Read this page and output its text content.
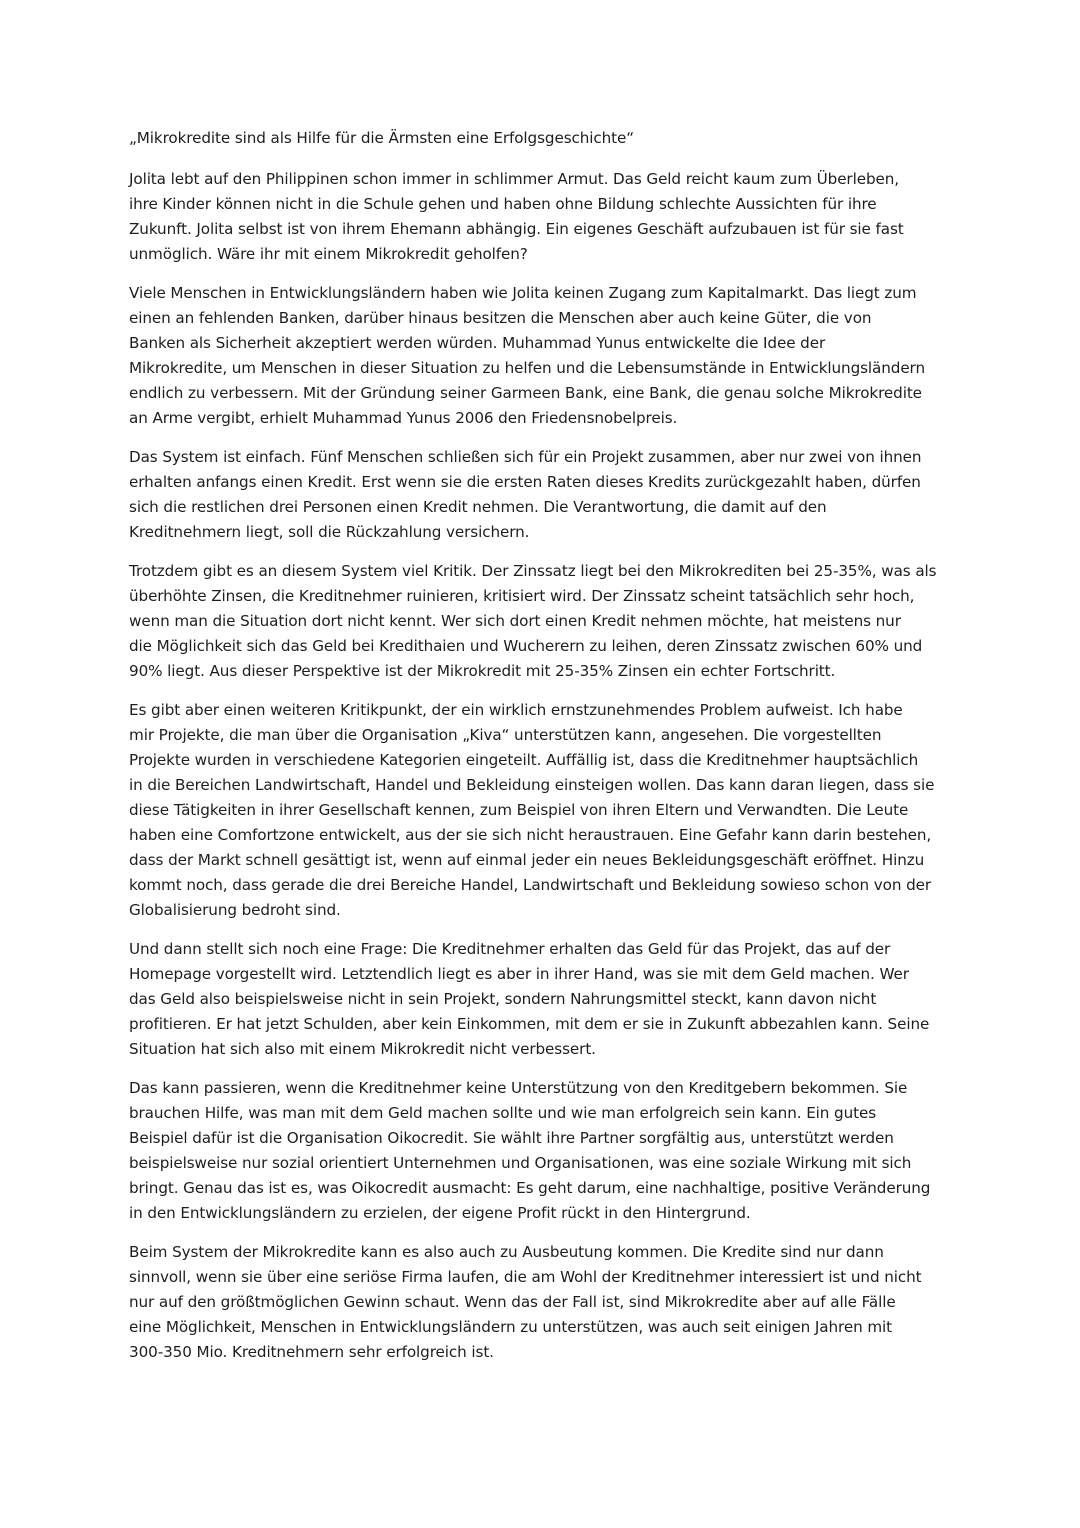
„Mikrokredite sind als Hilfe für die Ärmsten eine Erfolgsgeschichte“
Jolita lebt auf den Philippinen schon immer in schlimmer Armut. Das Geld reicht kaum zum Überleben,
ihre Kinder können nicht in die Schule gehen und haben ohne Bildung schlechte Aussichten für ihre
Zukunft. Jolita selbst ist von ihrem Ehemann abhängig. Ein eigenes Geschäft aufzubauen ist für sie fast
unmöglich. Wäre ihr mit einem Mikrokredit geholfen?
Viele Menschen in Entwicklungsländern haben wie Jolita keinen Zugang zum Kapitalmarkt. Das liegt zum
einen an fehlenden Banken, darüber hinaus besitzen die Menschen aber auch keine Güter, die von
Banken als Sicherheit akzeptiert werden würden. Muhammad Yunus entwickelte die Idee der
Mikrokredite, um Menschen in dieser Situation zu helfen und die Lebensumstände in Entwicklungsländern
endlich zu verbessern. Mit der Gründung seiner Garmeen Bank, eine Bank, die genau solche Mikrokredite
an Arme vergibt, erhielt Muhammad Yunus 2006 den Friedensnobelpreis.
Das System ist einfach. Fünf Menschen schließen sich für ein Projekt zusammen, aber nur zwei von ihnen
erhalten anfangs einen Kredit. Erst wenn sie die ersten Raten dieses Kredits zurückgezahlt haben, dürfen
sich die restlichen drei Personen einen Kredit nehmen. Die Verantwortung, die damit auf den
Kreditnehmern liegt, soll die Rückzahlung versichern.
Trotzdem gibt es an diesem System viel Kritik. Der Zinssatz liegt bei den Mikrokrediten bei 25-35%, was als
überhöhte Zinsen, die Kreditnehmer ruinieren, kritisiert wird. Der Zinssatz scheint tatsächlich sehr hoch,
wenn man die Situation dort nicht kennt. Wer sich dort einen Kredit nehmen möchte, hat meistens nur
die Möglichkeit sich das Geld bei Kredithaien und Wucherern zu leihen, deren Zinssatz zwischen 60% und
90% liegt. Aus dieser Perspektive ist der Mikrokredit mit 25-35% Zinsen ein echter Fortschritt.
Es gibt aber einen weiteren Kritikpunkt, der ein wirklich ernstzunehmendes Problem aufweist. Ich habe
mir Projekte, die man über die Organisation „Kiva“ unterstützen kann, angesehen. Die vorgestellten
Projekte wurden in verschiedene Kategorien eingeteilt. Auffällig ist, dass die Kreditnehmer hauptsächlich
in die Bereichen Landwirtschaft, Handel und Bekleidung einsteigen wollen. Das kann daran liegen, dass sie
diese Tätigkeiten in ihrer Gesellschaft kennen, zum Beispiel von ihren Eltern und Verwandten. Die Leute
haben eine Comfortzone entwickelt, aus der sie sich nicht heraustrauen. Eine Gefahr kann darin bestehen,
dass der Markt schnell gesättigt ist, wenn auf einmal jeder ein neues Bekleidungsgeschäft eröffnet. Hinzu
kommt noch, dass gerade die drei Bereiche Handel, Landwirtschaft und Bekleidung sowieso schon von der
Globalisierung bedroht sind.
Und dann stellt sich noch eine Frage: Die Kreditnehmer erhalten das Geld für das Projekt, das auf der
Homepage vorgestellt wird. Letztendlich liegt es aber in ihrer Hand, was sie mit dem Geld machen. Wer
das Geld also beispielsweise nicht in sein Projekt, sondern Nahrungsmittel steckt, kann davon nicht
profitieren. Er hat jetzt Schulden, aber kein Einkommen, mit dem er sie in Zukunft abbezahlen kann. Seine
Situation hat sich also mit einem Mikrokredit nicht verbessert.
Das kann passieren, wenn die Kreditnehmer keine Unterstützung von den Kreditgebern bekommen. Sie
brauchen Hilfe, was man mit dem Geld machen sollte und wie man erfolgreich sein kann. Ein gutes
Beispiel dafür ist die Organisation Oikocredit. Sie wählt ihre Partner sorgfältig aus, unterstützt werden
beispielsweise nur sozial orientiert Unternehmen und Organisationen, was eine soziale Wirkung mit sich
bringt. Genau das ist es, was Oikocredit ausmacht: Es geht darum, eine nachhaltige, positive Veränderung
in den Entwicklungsländern zu erzielen, der eigene Profit rückt in den Hintergrund.
Beim System der Mikrokredite kann es also auch zu Ausbeutung kommen. Die Kredite sind nur dann
sinnvoll, wenn sie über eine seriöse Firma laufen, die am Wohl der Kreditnehmer interessiert ist und nicht
nur auf den größtmöglichen Gewinn schaut. Wenn das der Fall ist, sind Mikrokredite aber auf alle Fälle
eine Möglichkeit, Menschen in Entwicklungsländern zu unterstützen, was auch seit einigen Jahren mit
300-350 Mio. Kreditnehmern sehr erfolgreich ist.
